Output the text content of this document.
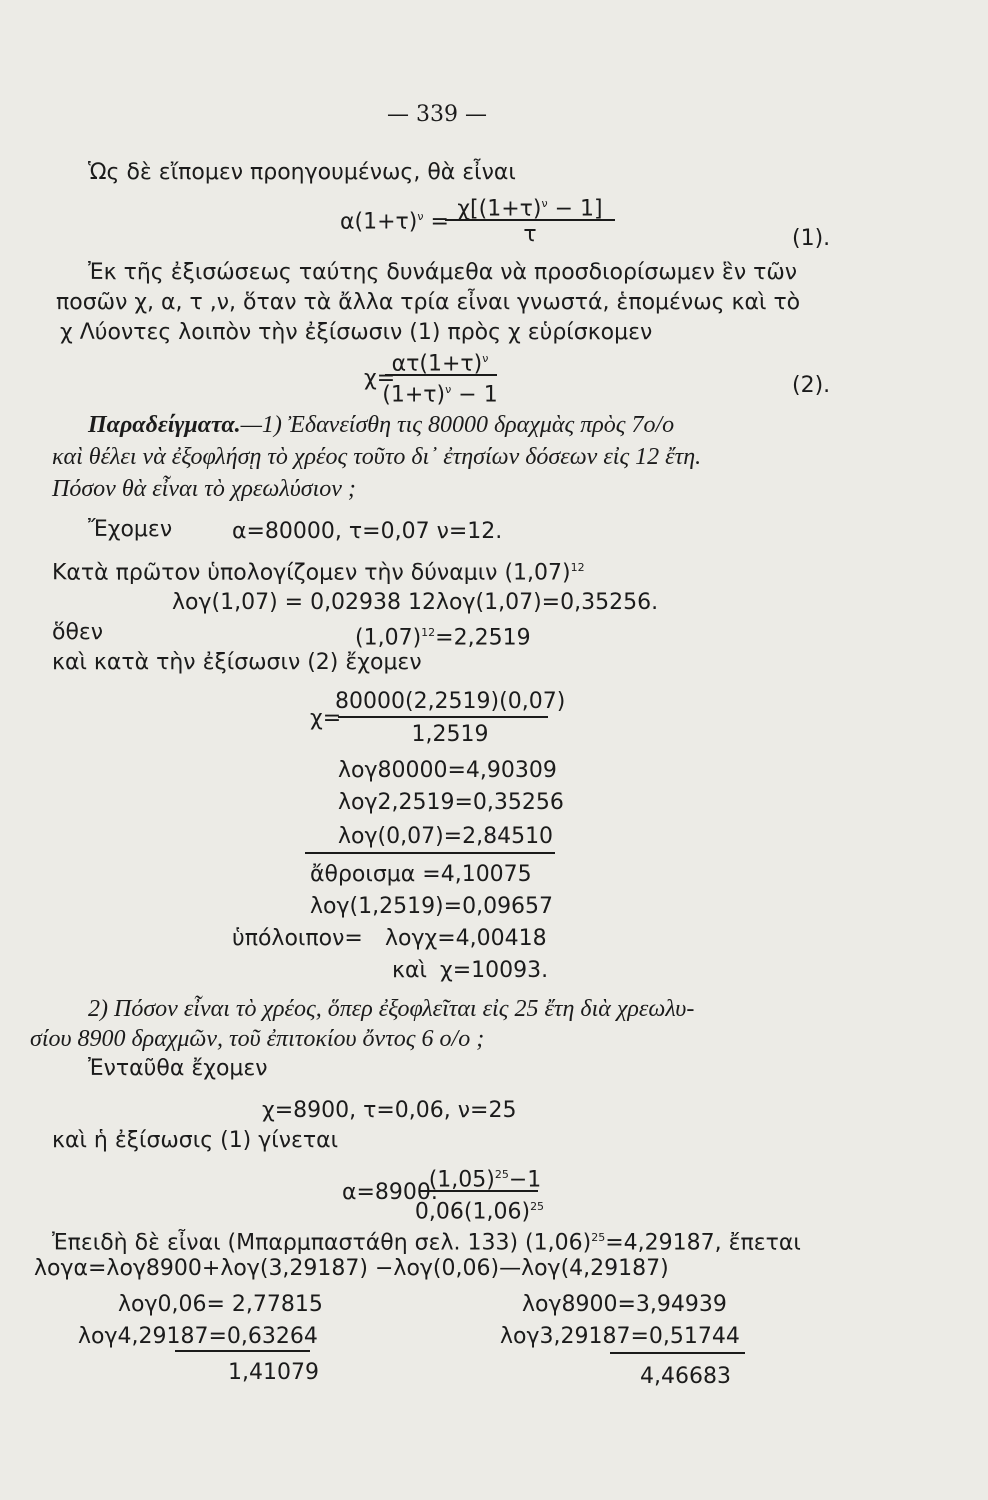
— 339 —
Ὡς δὲ εἴπομεν προηγουμένως, θὰ εἶναι
$\alpha(1+\tau)^\nu$ =
$\chi[(1+\tau)^\nu - 1]$
τ	(1).
Ἐκ τῆς ἐξισώσεως ταύτης δυνάμεθα νὰ προσδιορίσωμεν ἓν τῶν
ποσῶν χ, α, τ ,ν, ὅταν τὰ ἄλλα τρία εἶναι γνωστά, ἑπομένως καὶ τὸ
χ Λύοντες λοιπὸν τὴν ἐξίσωσιν (1) πρὸς χ εὑρίσκομεν
χ=
$\alpha\tau(1+\tau)^\nu$
$(1+\tau)^\nu - 1$	(2).
Παραδείγματα.—1) Ἐδανείσθη τις 80000 δραχμὰς πρὸς 7ο/ο
καὶ θέλει νὰ ἐξοφλήσῃ τὸ χρέος τοῦτο δι᾽ ἐτησίων δόσεων εἰς 12 ἔτη.
Πόσον θὰ εἶναι τὸ χρεωλύσιον ;
Ἔχομεν	α=80000, τ=0,07 ν=12.
Κατὰ πρῶτον ὑπολογίζομεν τὴν δύναμιν $(1,07)^{12}$
λογ(1,07) = 0,02938 12λογ(1,07)=0,35256.
ὅθεν	$(1,07)^{12}=2,2519$
καὶ κατὰ τὴν ἐξίσωσιν (2) ἔχομεν
χ=
80000(2,2519)(0,07)
1,2519
λογ80000=4,90309
λογ2,2519=0,35256
λογ(0,07)=2,84510
ἄθροισμα =4,10075
λογ(1,2519)=0,09657
ὑπόλοιπον= λογχ=4,00418
καὶ χ=10093.
2) Πόσον εἶναι τὸ χρέος, ὅπερ ἐξοφλεῖται εἰς 25 ἔτη διὰ χρεωλυ-
σίου 8900 δραχμῶν, τοῦ ἐπιτοκίου ὄντος 6 ο/ο ;
Ἐνταῦθα ἔχομεν
χ=8900, τ=0,06, ν=25
καὶ ἡ ἐξίσωσις (1) γίνεται
α=8900.
$(1,05)^{25}-1$
$0,06(1,06)^{25}$
Ἐπειδὴ δὲ εἶναι (Μπαρμπαστάθη σελ. 133) $(1,06)^{25}=4,29187$, ἔπεται
λογα=λογ8900+λογ(3,29187) −λογ(0,06)—λογ(4,29187)
λογ0,06= 2,77815
λογ4,29187=0,63264
1,41079
λογ8900=3,94939
λογ3,29187=0,51744
4,46683
